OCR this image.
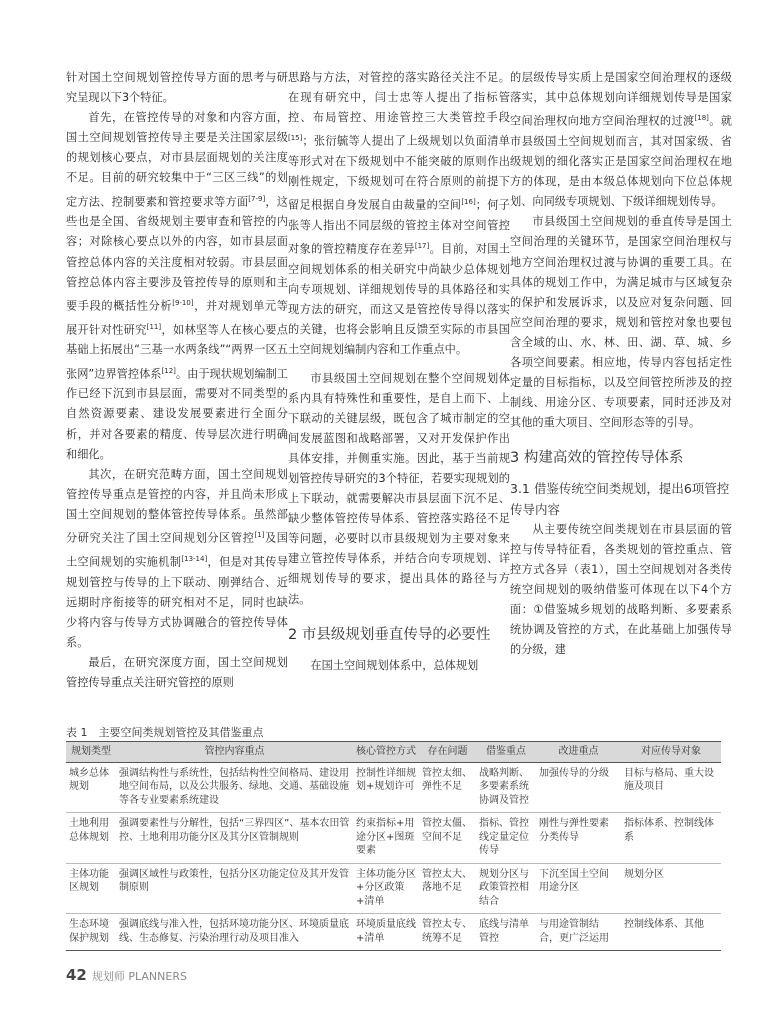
针对国土空间规划管控传导方面的思考与研究呈现以下3个特征。

首先，在管控传导的对象和内容方面，国土空间规划管控传导主要是关注国家层级的规划核心要点，对市县层面规划的关注度不足。目前的研究较集中于“三区三线”的划定方法、控制要素和管控要求等方面[7-9]，这些也是全国、省级规划主要审查和管控的内容；对除核心要点以外的内容，如市县层面管控总体内容的关注度相对较弱。市县层面管控总体内容主要涉及管控传导的原则和主要手段的概括性分析[9-10]，并对规划单元等展开针对性研究[11]，如林坚等人在核心要点基础上拓展出“三基一水两条线”“两界一区五张网”边界管控体系[12]。由于现状规划编制工作已经下沉到市县层面，需要对不同类型的自然资源要素、建设发展要素进行全面分析，并对各要素的精度、传导层次进行明确和细化。

其次，在研究范畴方面，国土空间规划管控传导重点是管控的内容，并且尚未形成国土空间规划的整体管控传导体系。虽然部分研究关注了国土空间规划分区管控[1]及国土空间规划的实施机制[13-14]，但是对其传导规划管控与传导的上下联动、刚弹结合、近远期时序衔接等的研究相对不足，同时也缺少将内容与传导方式协调融合的管控传导体系。

最后，在研究深度方面，国土空间规划管控传导重点关注研究管控的原则

思路与方法，对管控的落实路径关注不足。在现有研究中，闫士忠等人提出了指标管控、布局管控、用途管控三大类管控手段[15]；张衍毓等人提出了上级规划以负面清单等形式对在下级规划中不能突破的原则作出刚性规定，下级规划可在符合原则的前提下留足根据自身发展自由裁量的空间[16]；何子张等人指出不同层级的管控主体对空间管控对象的管控精度存在差异[17]。目前，对国土空间规划体系的相关研究中尚缺少总体规划向专项规划、详细规划传导的具体路径和实现方法的研究，而这又是管控传导得以落实的关键，也将会影响且反馈至实际的市县国土空间规划编制内容和工作重点中。

市县级国土空间规划在整个空间规划体系内具有特殊性和重要性，是自上而下、上下联动的关键层级，既包含了城市制定的空间发展蓝图和战略部署，又对开发保护作出具体安排，并侧重实施。因此，基于当前规划管控传导研究的3个特征，若要实现规划的上下联动，就需要解决市县层面下沉不足、缺少整体管控传导体系、管控落实路径不足等问题，必要时以市县级规划为主要对象来建立管控传导体系，并结合向专项规划、详细规划传导的要求，提出具体的路径与方法。

2 市县级规划垂直传导的必要性

在国土空间规划体系中，总体规划

的层级传导实质上是国家空间治理权的逐级落实，其中总体规划向详细规划传导是国家空间治理权向地方空间治理权的过渡[18]。就市县级国土空间规划而言，其对国家级、省级规划的细化落实正是国家空间治理权在地方的体现，是由本级总体规划向下位总体规划、向同级专项规划、下级详细规划传导。

市县级国土空间规划的垂直传导是国土空间治理的关键环节，是国家空间治理权与地方空间治理权过渡与协调的重要工具。在具体的规划工作中，为满足城市与区域复杂的保护和发展诉求，以及应对复杂问题、回应空间治理的要求，规划和管控对象也要包含全域的山、水、林、田、湖、草、城、乡各项空间要素。相应地，传导内容包括定性定量的目标指标，以及空间管控所涉及的控制线、用途分区、专项要素，同时还涉及对其他的重大项目、空间形态等的引导。

3 构建高效的管控传导体系
3.1 借鉴传统空间类规划，提出6项管控传导内容

从主要传统空间类规划在市县层面的管控与传导特征看，各类规划的管控重点、管控方式各异（表1），国土空间规划对各类传统空间规划的吸纳借鉴可体现在以下4个方面：①借鉴城乡规划的战略判断、多要素系统协调及管控的方式，在此基础上加强传导的分级，建

表 1　主要空间类规划管控及其借鉴重点
规划类型	管控内容重点	核心管控方式	存在问题	借鉴重点	改进重点	对应传导对象
城乡总体规划	强调结构性与系统性，包括结构性空间格局、建设用地空间布局，以及公共服务、绿地、交通、基础设施等各专业要素系统建设	控制性详细规划+规划许可	管控太细、弹性不足	战略判断、多要素系统协调及管控	加强传导的分级	目标与格局、重大设施及项目
土地利用总体规划	强调要素性与分解性，包括“三界四区”、基本农田管控、土地利用功能分区及其分区管制规则	约束指标+用途分区+图斑要素	管控太僵、空间不足	指标、管控线定量定位传导	刚性与弹性要素分类传导	指标体系、控制线体系
主体功能区规划	强调区域性与政策性，包括分区功能定位及其开发管制原则	主体功能分区+分区政策+清单	管控太大、落地不足	规划分区与政策管控相结合	下沉至国土空间用途分区	规划分区
生态环境保护规划	强调底线与准入性，包括环境功能分区、环境质量底线、生态修复、污染治理行动及项目准入	环境质量底线+清单	管控太专、统筹不足	底线与清单管控	与用途管制结合，更广泛运用	控制线体系、其他
42 规划师 PLANNERS
